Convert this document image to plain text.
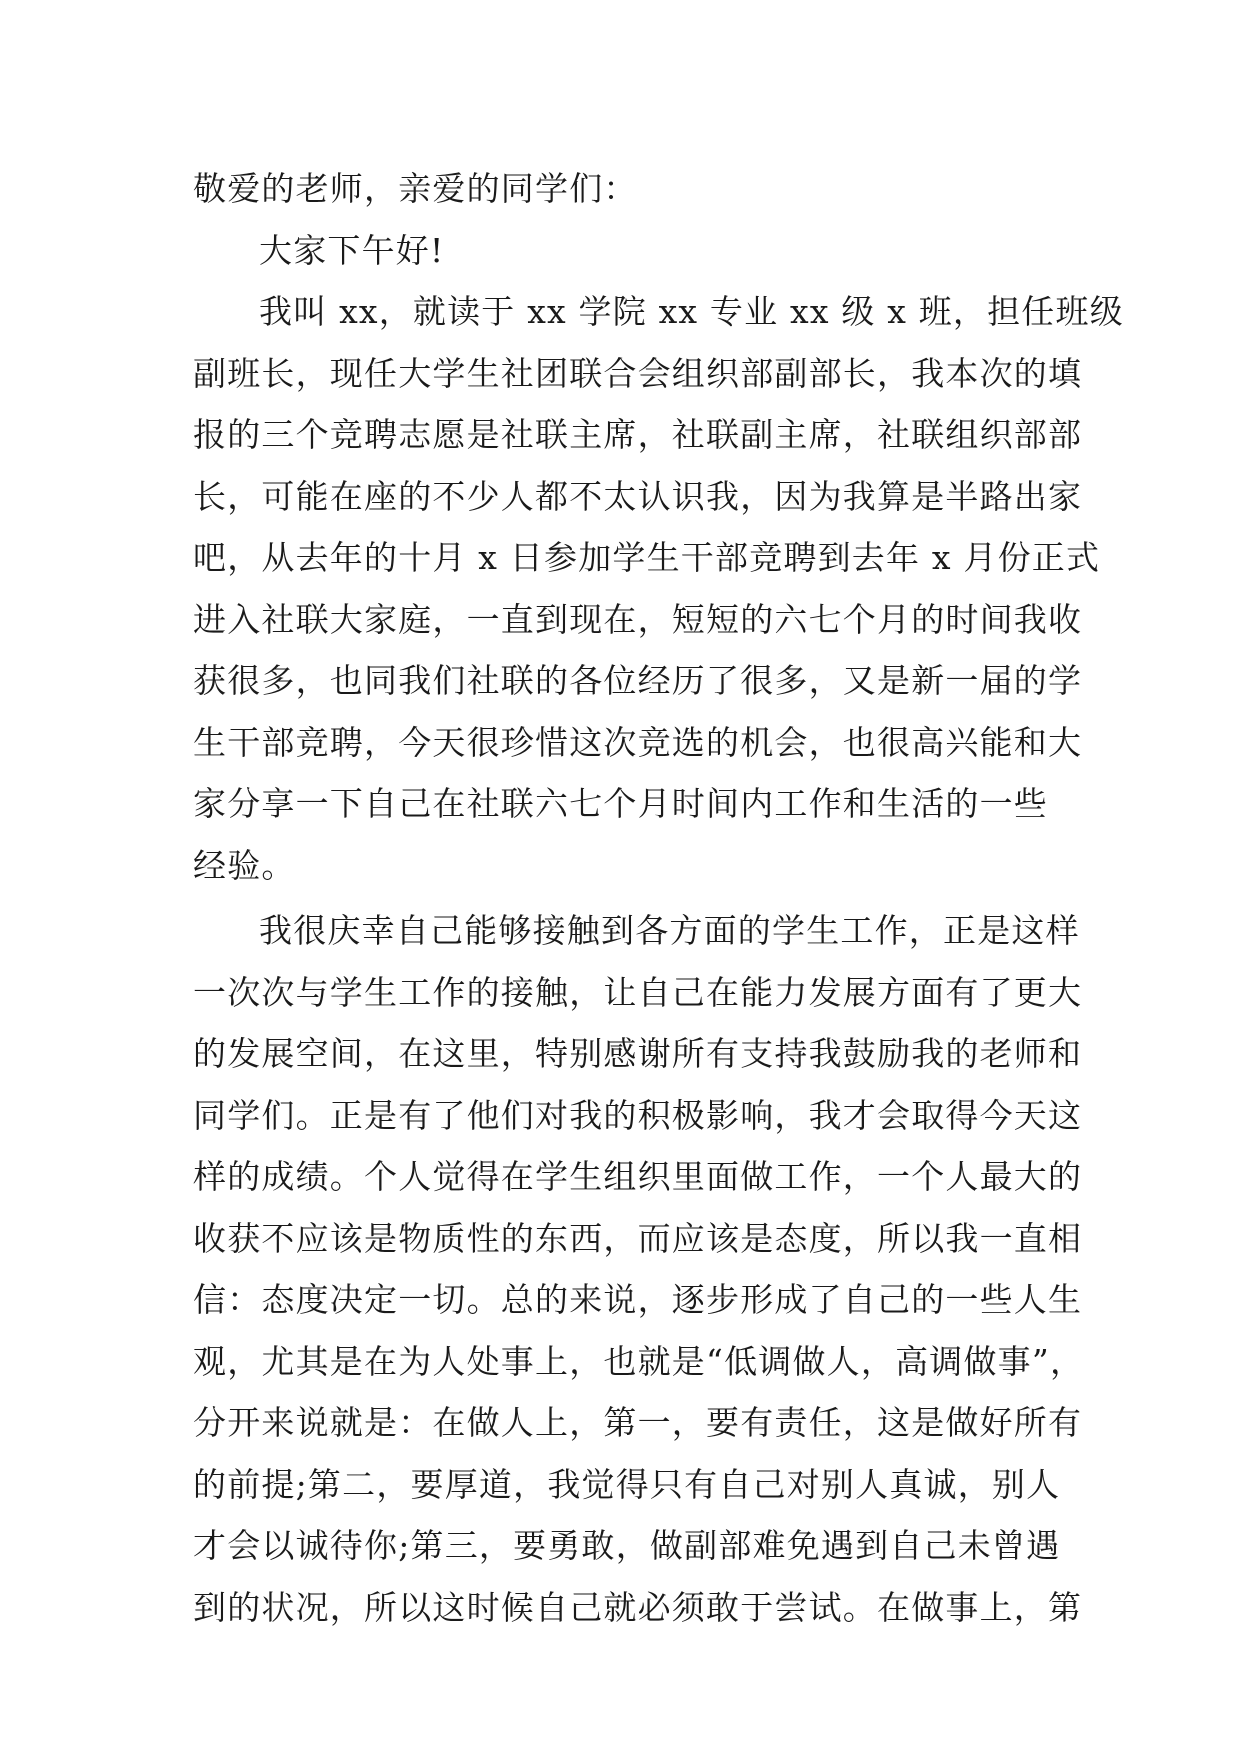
敬爱的老师，亲爱的同学们：
大家下午好!
我叫 xx，就读于 xx 学院 xx 专业 xx 级 x 班，担任班级
副班长，现任大学生社团联合会组织部副部长，我本次的填
报的三个竞聘志愿是社联主席，社联副主席，社联组织部部
长，可能在座的不少人都不太认识我，因为我算是半路出家
吧，从去年的十月 x 日参加学生干部竞聘到去年 x 月份正式
进入社联大家庭，一直到现在，短短的六七个月的时间我收
获很多，也同我们社联的各位经历了很多，又是新一届的学
生干部竞聘，今天很珍惜这次竞选的机会，也很高兴能和大
家分享一下自己在社联六七个月时间内工作和生活的一些
经验。
我很庆幸自己能够接触到各方面的学生工作，正是这样
一次次与学生工作的接触，让自己在能力发展方面有了更大
的发展空间，在这里，特别感谢所有支持我鼓励我的老师和
同学们。正是有了他们对我的积极影响，我才会取得今天这
样的成绩。个人觉得在学生组织里面做工作，一个人最大的
收获不应该是物质性的东西，而应该是态度，所以我一直相
信：态度决定一切。总的来说，逐步形成了自己的一些人生
观，尤其是在为人处事上，也就是“低调做人，高调做事”，
分开来说就是：在做人上，第一，要有责任，这是做好所有
的前提;第二，要厚道，我觉得只有自己对别人真诚，别人
才会以诚待你;第三，要勇敢，做副部难免遇到自己未曾遇
到的状况，所以这时候自己就必须敢于尝试。在做事上，第
